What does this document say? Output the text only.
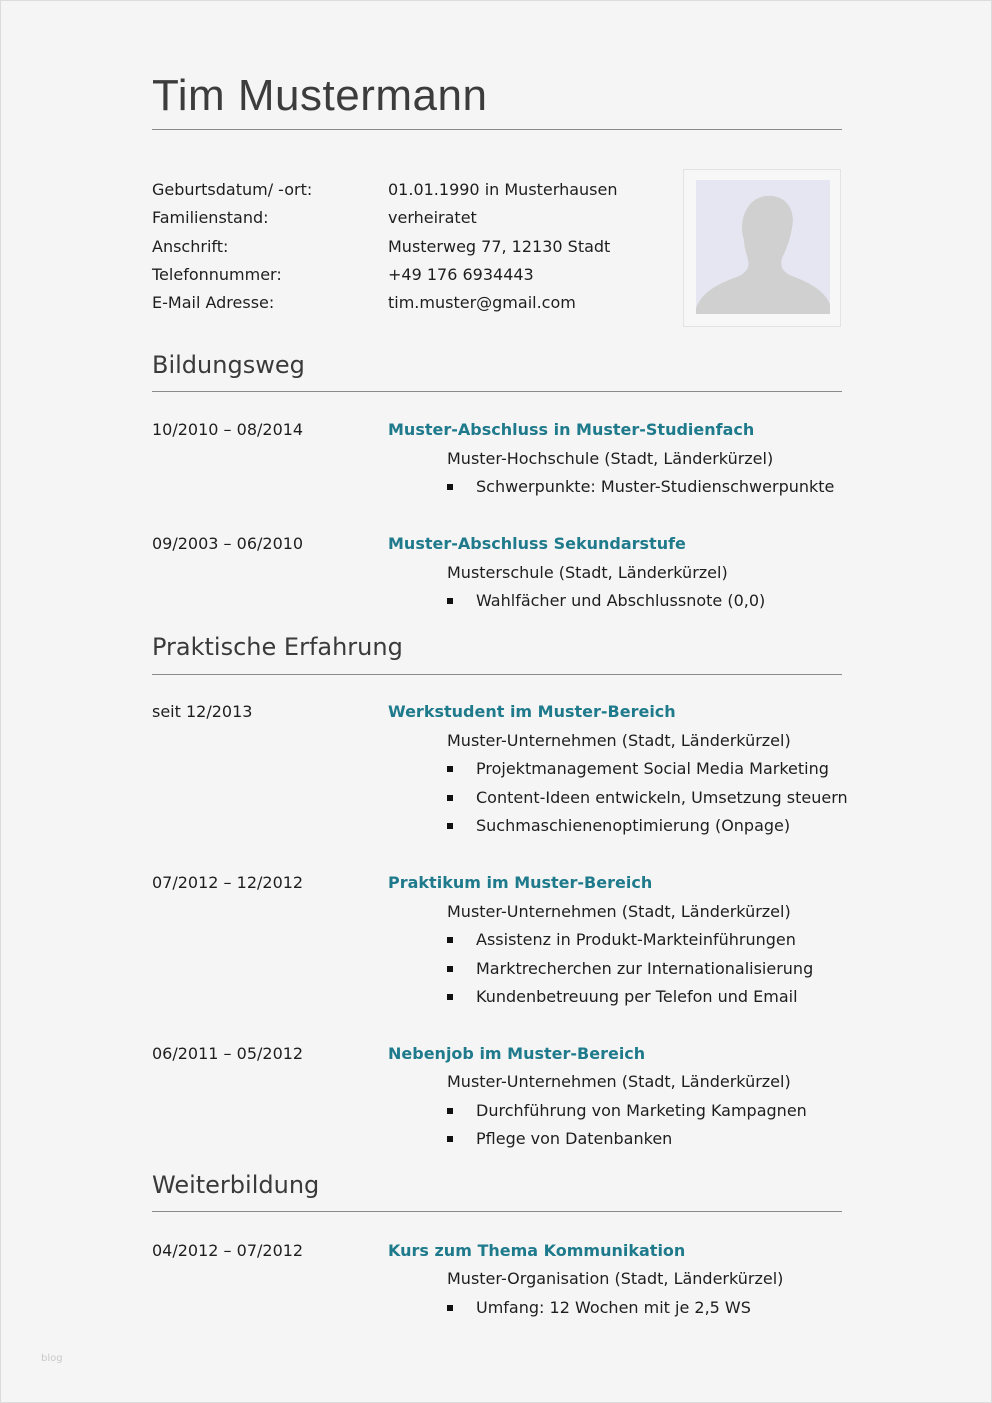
Tim Mustermann
Geburtsdatum/ -ort:	01.01.1990 in Musterhausen
Familienstand:	verheiratet
Anschrift:	Musterweg 77, 12130 Stadt
Telefonnummer:	+49 176 6934443
E-Mail Adresse:	tim.muster@gmail.com
Bildungsweg
10/2010 – 08/2014	Muster-Abschluss in Muster-Studienfach
Muster-Hochschule (Stadt, Länderkürzel)
Schwerpunkte: Muster-Studienschwerpunkte
09/2003 – 06/2010	Muster-Abschluss Sekundarstufe
Musterschule (Stadt, Länderkürzel)
Wahlfächer und Abschlussnote (0,0)
Praktische Erfahrung
seit 12/2013	Werkstudent im Muster-Bereich
Muster-Unternehmen (Stadt, Länderkürzel)
Projektmanagement Social Media Marketing
Content-Ideen entwickeln, Umsetzung steuern
Suchmaschienenoptimierung (Onpage)
07/2012 – 12/2012	Praktikum im Muster-Bereich
Muster-Unternehmen (Stadt, Länderkürzel)
Assistenz in Produkt-Markteinführungen
Marktrecherchen zur Internationalisierung
Kundenbetreuung per Telefon und Email
06/2011 – 05/2012	Nebenjob im Muster-Bereich
Muster-Unternehmen (Stadt, Länderkürzel)
Durchführung von Marketing Kampagnen
Pflege von Datenbanken
Weiterbildung
04/2012 – 07/2012	Kurs zum Thema Kommunikation
Muster-Organisation (Stadt, Länderkürzel)
Umfang: 12 Wochen mit je 2,5 WS
blog
